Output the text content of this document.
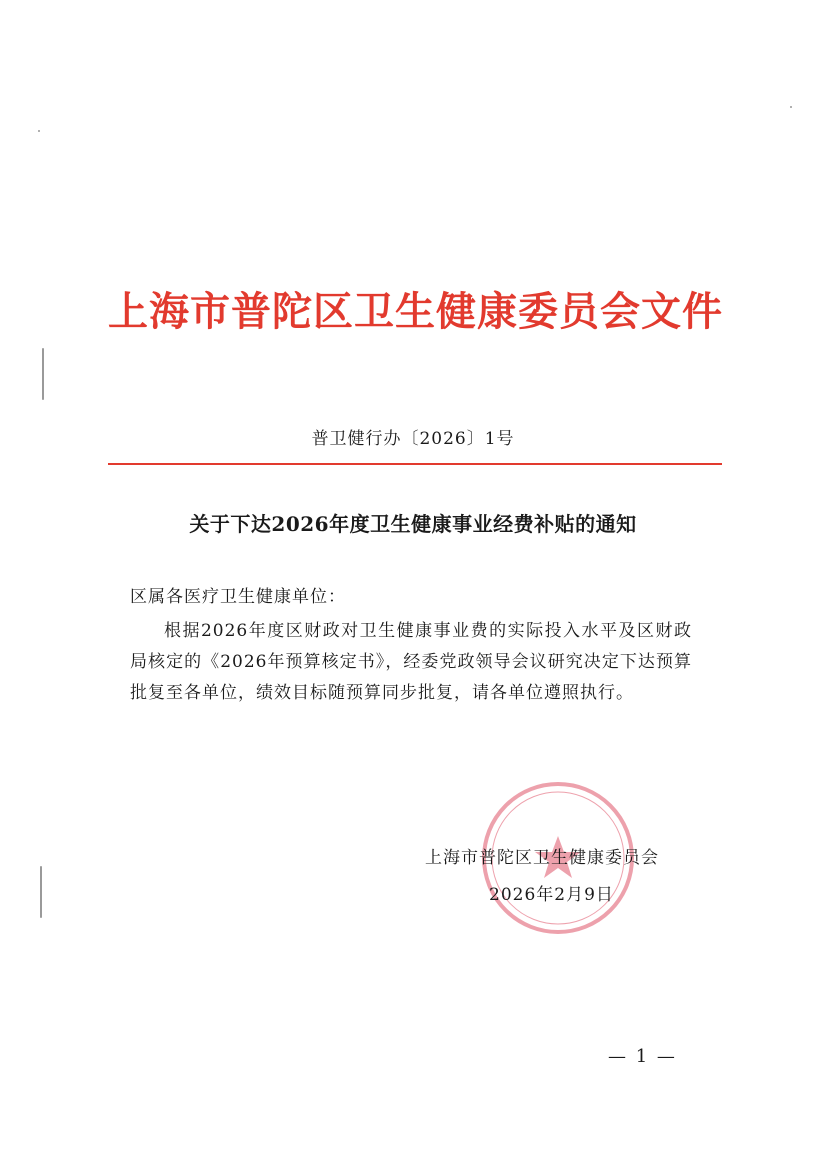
上海市普陀区卫生健康委员会文件
普卫健行办〔2026〕1号
关于下达2026年度卫生健康事业经费补贴的通知
区属各医疗卫生健康单位：
根据2026年度区财政对卫生健康事业费的实际投入水平及区财政局核定的《2026年预算核定书》，经委党政领导会议研究决定下达预算批复至各单位，绩效目标随预算同步批复，请各单位遵照执行。
上海市普陀区卫生健康委员会
2026年2月9日
— 1 —
